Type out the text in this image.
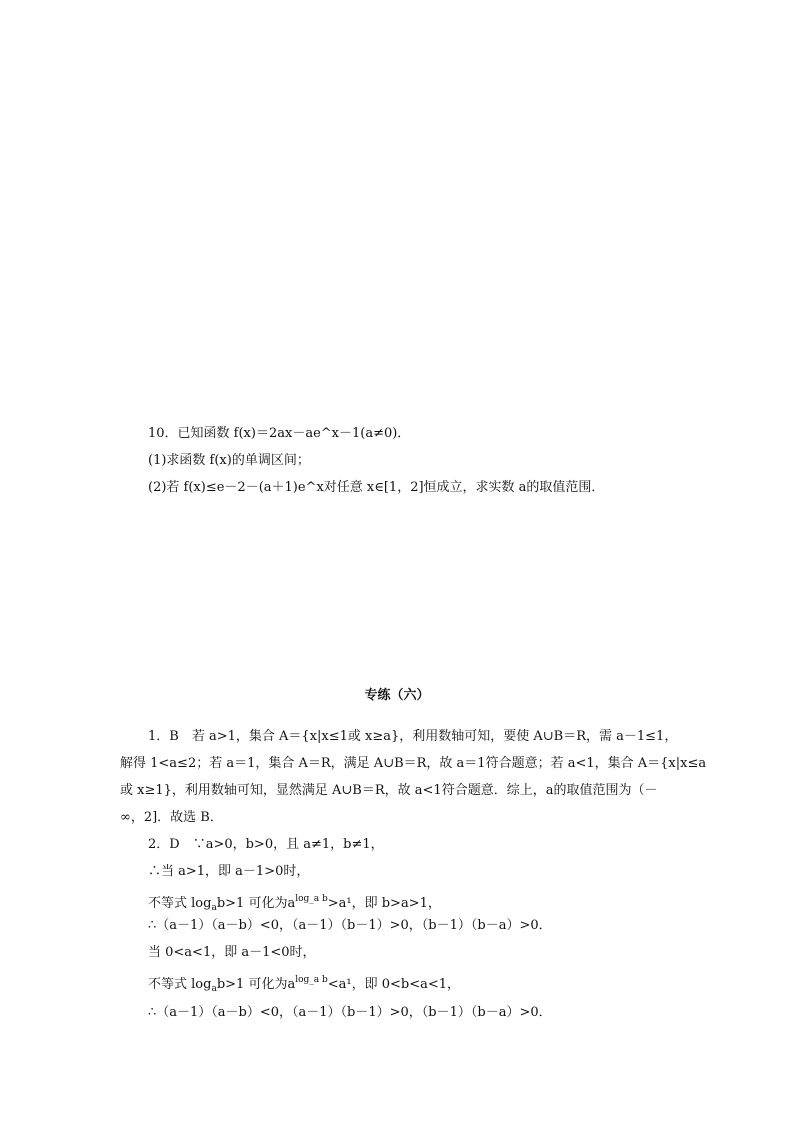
10．已知函数 f(x)＝2ax－ae^x－1(a≠0)．
(1)求函数 f(x)的单调区间；
(2)若 f(x)≤e－2－(a＋1)e^x对任意 x∈[1，2]恒成立，求实数 a的取值范围．
专练（六）
1．B　若 a>1，集合 A＝{x|x≤1或 x≥a}，利用数轴可知，要使 A∪B＝R，需 a－1≤1，
解得 1<a≤2；若 a＝1，集合 A＝R，满足 A∪B＝R，故 a＝1符合题意；若 a<1，集合 A＝{x|x≤a
或 x≥1}，利用数轴可知，显然满足 A∪B＝R，故 a<1符合题意．综上，a的取值范围为（－
∞，2]．故选 B．
2．D　∵a>0，b>0，且 a≠1，b≠1，
∴当 a>1，即 a－1>0时，
不等式 $\log_ab>1$ 可化为$a^{log\_a b}>a^1$，即 b>a>1，
∴（a－1）（a－b）<0，（a－1）（b－1）>0，（b－1）（b－a）>0．
当 0<a<1，即 a－1<0时，
不等式 $\log_ab>1$ 可化为$a^{log\_a b}<a^1$，即 0<b<a<1，
∴（a－1）（a－b）<0，（a－1）（b－1）>0，（b－1）（b－a）>0．
